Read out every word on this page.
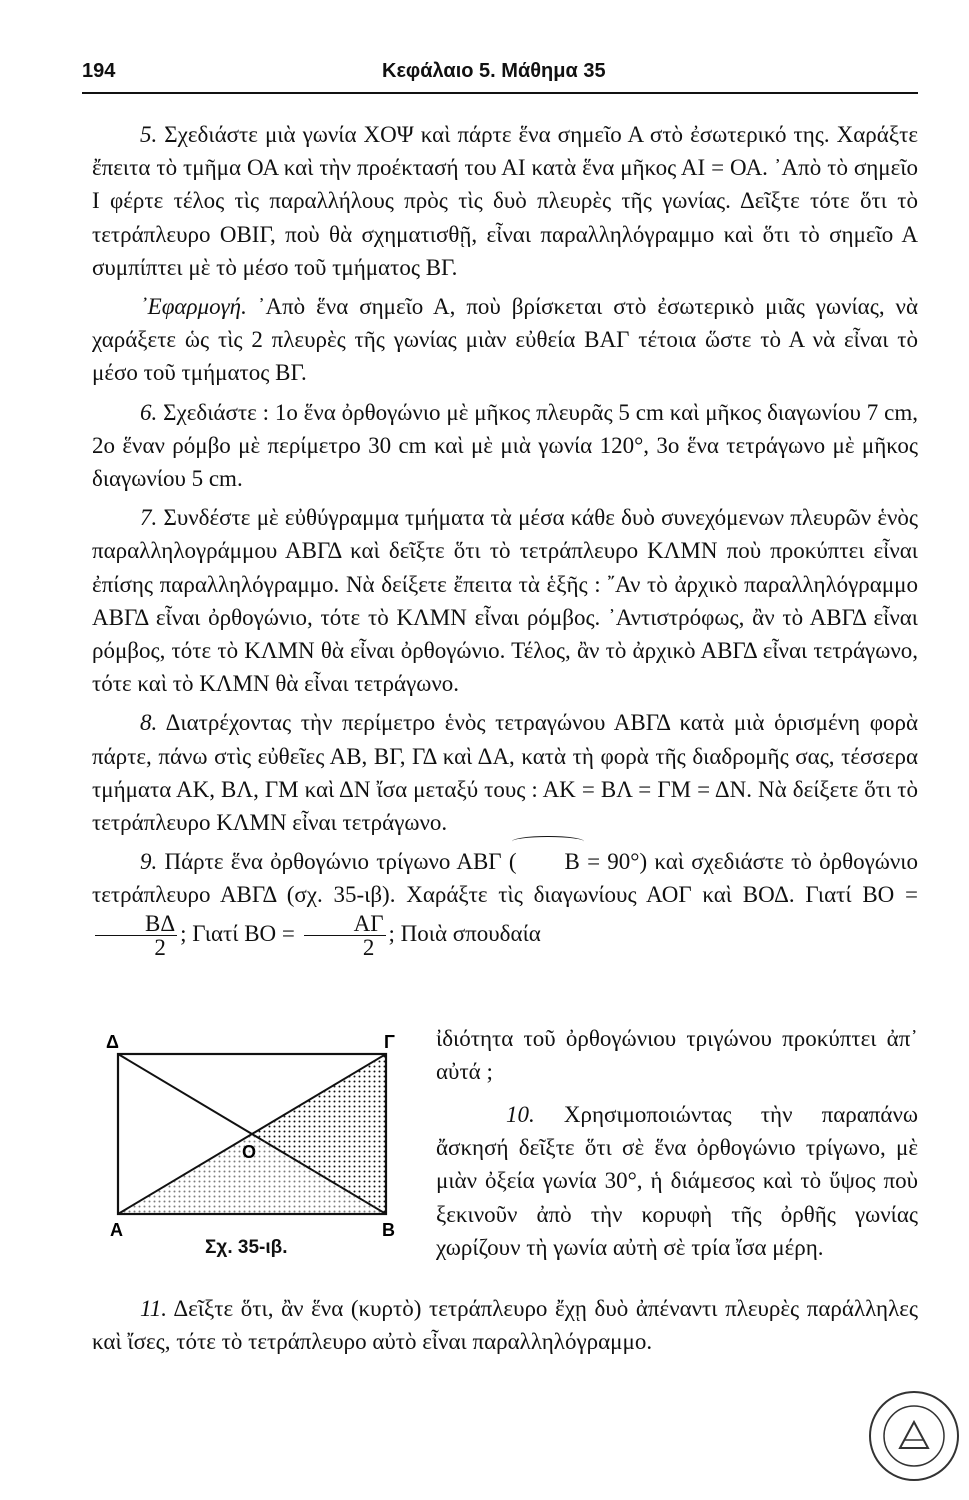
194	Κεφάλαιο 5. Μάθημα 35

5. Σχεδιάστε μιὰ γωνία ΧΟΨ καὶ πάρτε ἕνα σημεῖο Α στὸ ἐσωτερικό της. Χαράξτε ἔπειτα τὸ τμῆμα ΟΑ καὶ τὴν προέκτασή του ΑΙ κατὰ ἕνα μῆκος ΑΙ = ΟΑ. ᾿Απὸ τὸ σημεῖο Ι φέρτε τέλος τὶς παραλλήλους πρὸς τὶς δυὸ πλευρὲς τῆς γωνίας. Δεῖξτε τότε ὅτι τὸ τετράπλευρο ΟΒΙΓ, ποὺ θὰ σχηματισθῇ, εἶναι παραλληλόγραμμο καὶ ὅτι τὸ σημεῖο Α συμπίπτει μὲ τὸ μέσο τοῦ τμήματος ΒΓ.

᾿Εφαρμογή. ᾿Απὸ ἕνα σημεῖο Α, ποὺ βρίσκεται στὸ ἐσωτερικὸ μιᾶς γωνίας, νὰ χαράξετε ὡς τὶς 2 πλευρὲς τῆς γωνίας μιὰν εὐθεία ΒΑΓ τέτοια ὥστε τὸ Α νὰ εἶναι τὸ μέσο τοῦ τμήματος ΒΓ.

6. Σχεδιάστε : 1ο ἕνα ὀρθογώνιο μὲ μῆκος πλευρᾶς 5 cm καὶ μῆκος διαγωνίου 7 cm, 2ο ἕναν ρόμβο μὲ περίμετρο 30 cm καὶ μὲ μιὰ γωνία 120°, 3ο ἕνα τετράγωνο μὲ μῆκος διαγωνίου 5 cm.

7. Συνδέστε μὲ εὐθύγραμμα τμήματα τὰ μέσα κάθε δυὸ συνεχόμενων πλευρῶν ἑνὸς παραλληλογράμμου ΑΒΓΔ καὶ δεῖξτε ὅτι τὸ τετράπλευρο ΚΛΜΝ ποὺ προκύπτει εἶναι ἐπίσης παραλληλόγραμμο. Νὰ δείξετε ἔπειτα τὰ ἑξῆς : ῎Αν τὸ ἀρχικὸ παραλληλόγραμμο ΑΒΓΔ εἶναι ὀρθογώνιο, τότε τὸ ΚΛΜΝ εἶναι ρόμβος. ᾿Αντιστρόφως, ἂν τὸ ΑΒΓΔ εἶναι ρόμβος, τότε τὸ ΚΛΜΝ θὰ εἶναι ὀρθογώνιο. Τέλος, ἂν τὸ ἀρχικὸ ΑΒΓΔ εἶναι τετράγωνο, τότε καὶ τὸ ΚΛΜΝ θὰ εἶναι τετράγωνο.

8. Διατρέχοντας τὴν περίμετρο ἑνὸς τετραγώνου ΑΒΓΔ κατὰ μιὰ ὁρισμένη φορὰ πάρτε, πάνω στὶς εὐθεῖες ΑΒ, ΒΓ, ΓΔ καὶ ΔΑ, κατὰ τὴ φορὰ τῆς διαδρομῆς σας, τέσσερα τμήματα ΑΚ, ΒΛ, ΓΜ καὶ ΔΝ ἴσα μεταξύ τους : ΑΚ = ΒΛ = ΓΜ = ΔΝ. Νὰ δείξετε ὅτι τὸ τετράπλευρο ΚΛΜΝ εἶναι τετράγωνο.

9. Πάρτε ἕνα ὀρθογώνιο τρίγωνο ΑΒΓ ( Β = 90°) καὶ σχεδιάστε τὸ ὀρθογώνιο τετράπλευρο ΑΒΓΔ (σχ. 35-ιβ). Χαράξτε τὶς διαγωνίους ΑΟΓ καὶ ΒΟΔ. Γιατί ΒΟ =
$\frac{B\Delta}{2}$ ; Γιατί $BO = \frac{A\Gamma}{2}$ ; Ποιὰ σπουδαία

ἰδιότητα τοῦ ὀρθογώνιου τριγώνου προκύπτει ἀπ᾿ αὐτά ;
10. Χρησιμοποιώντας τὴν παραπάνω ἄσκησή δεῖξτε ὅτι σὲ ἕνα ὀρθογώνιο τρίγωνο, μὲ μιὰν ὀξεία γωνία 30°, ἡ διάμεσος καὶ τὸ ὕψος ποὺ ξεκινοῦν ἀπὸ τὴν κορυφὴ τῆς ὀρθῆς γωνίας χωρίζουν τὴ γωνία αὐτὴ σὲ τρία ἴσα μέρη.
Δ	Γ
Α	Β
Ο
Σχ. 35-ιβ.

11. Δεῖξτε ὅτι, ἂν ἕνα (κυρτὸ) τετράπλευρο ἔχῃ δυὸ ἀπέναντι πλευρὲς παράλληλες καὶ ἴσες, τότε τὸ τετράπλευρο αὐτὸ εἶναι παραλληλόγραμμο.
